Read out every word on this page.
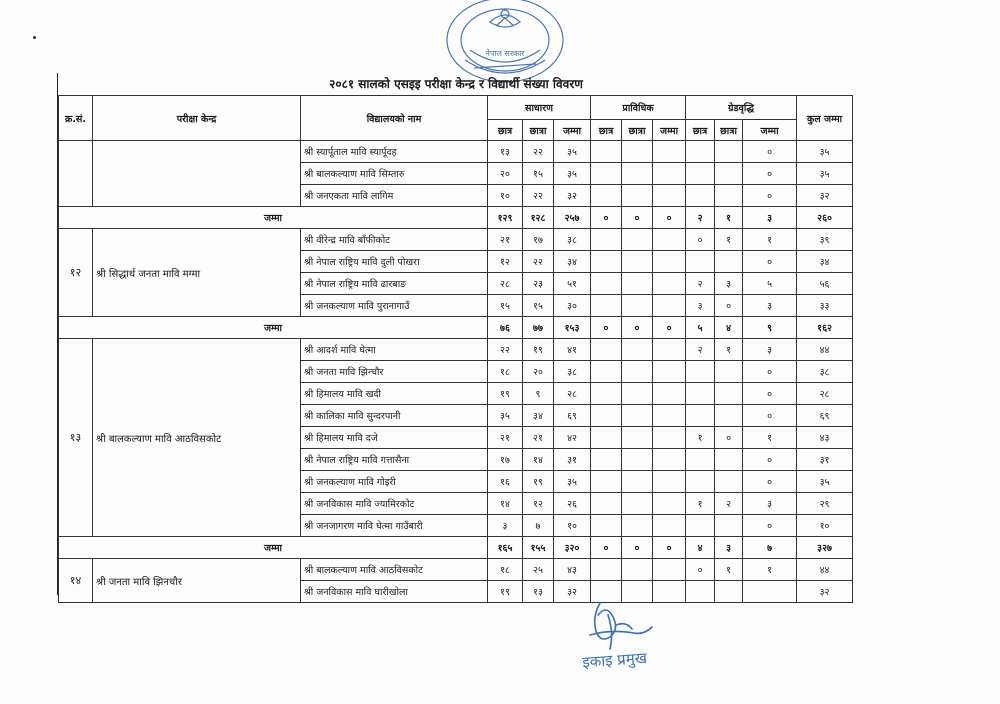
नेपाल सरकार
२०८१ सालको एसइइ परीक्षा केन्द्र र विद्यार्थी संख्या विवरण
क्र.सं.	परीक्षा केन्द्र	विद्यालयको नाम	साधारण			प्राविधिक			ग्रेडवृद्धि			कुल जम्मा
			छात्र	छात्रा	जम्मा	छात्र	छात्रा	जम्मा	छात्र	छात्रा	जम्मा	
		श्री स्यार्पूताल मावि स्यार्पूदह	१३	२२	३५						०	३५
		श्री बालकल्याण मावि सिम्तारु	२०	१५	३५						०	३५
		श्री जनएकता मावि लागिम	१०	२२	३२						०	३२
जम्मा			१२९	१२८	२५७	०	०	०	२	१	३	२६०
१२	श्री सिद्धार्थ जनता मावि मग्मा	श्री वीरेन्द्र मावि बाँफीकोट	२१	१७	३८				०	१	१	३९
		श्री नेपाल राष्ट्रिय मावि दुली पोखरा	१२	२२	३४						०	३४
		श्री नेपाल राष्ट्रिय मावि ढारबाङ	२८	२३	५१				२	३	५	५६
		श्री जनकल्याण मावि पुरानागाउँ	१५	१५	३०				३	०	३	३३
जम्मा			७६	७७	१५३	०	०	०	५	४	९	१६२
१३	श्री बालकल्याण मावि आठविसकोट	श्री आदर्श मावि घेत्मा	२२	१९	४१				२	१	३	४४
		श्री जनता मावि झिन्चौर	१८	२०	३८						०	३८
		श्री हिमालय मावि खदी	१९	९	२८						०	२८
		श्री कालिका मावि सुन्दरपानी	३५	३४	६९						०	६९
		श्री हिमालय मावि दजे	२१	२१	४२				१	०	१	४३
		श्री नेपाल राष्ट्रिय मावि गत्तासैना	१७	१४	३१						०	३१
		श्री जनकल्याण मावि गोइरी	१६	१९	३५						०	३५
		श्री जनविकास मावि ज्यामिरकोट	१४	१२	२६				१	२	३	२९
		श्री जनजागरण मावि घेत्मा गाउँबारी	३	७	१०						०	१०
जम्मा			१६५	१५५	३२०	०	०	०	४	३	७	३२७
१४	श्री जनता मावि झिनचौर	श्री बालकल्याण मावि आठविसकोट	१८	२५	४३				०	१	१	४४
		श्री जनविकास मावि घारीखोला	१९	१३	३२							३२
इकाइ प्रमुख
